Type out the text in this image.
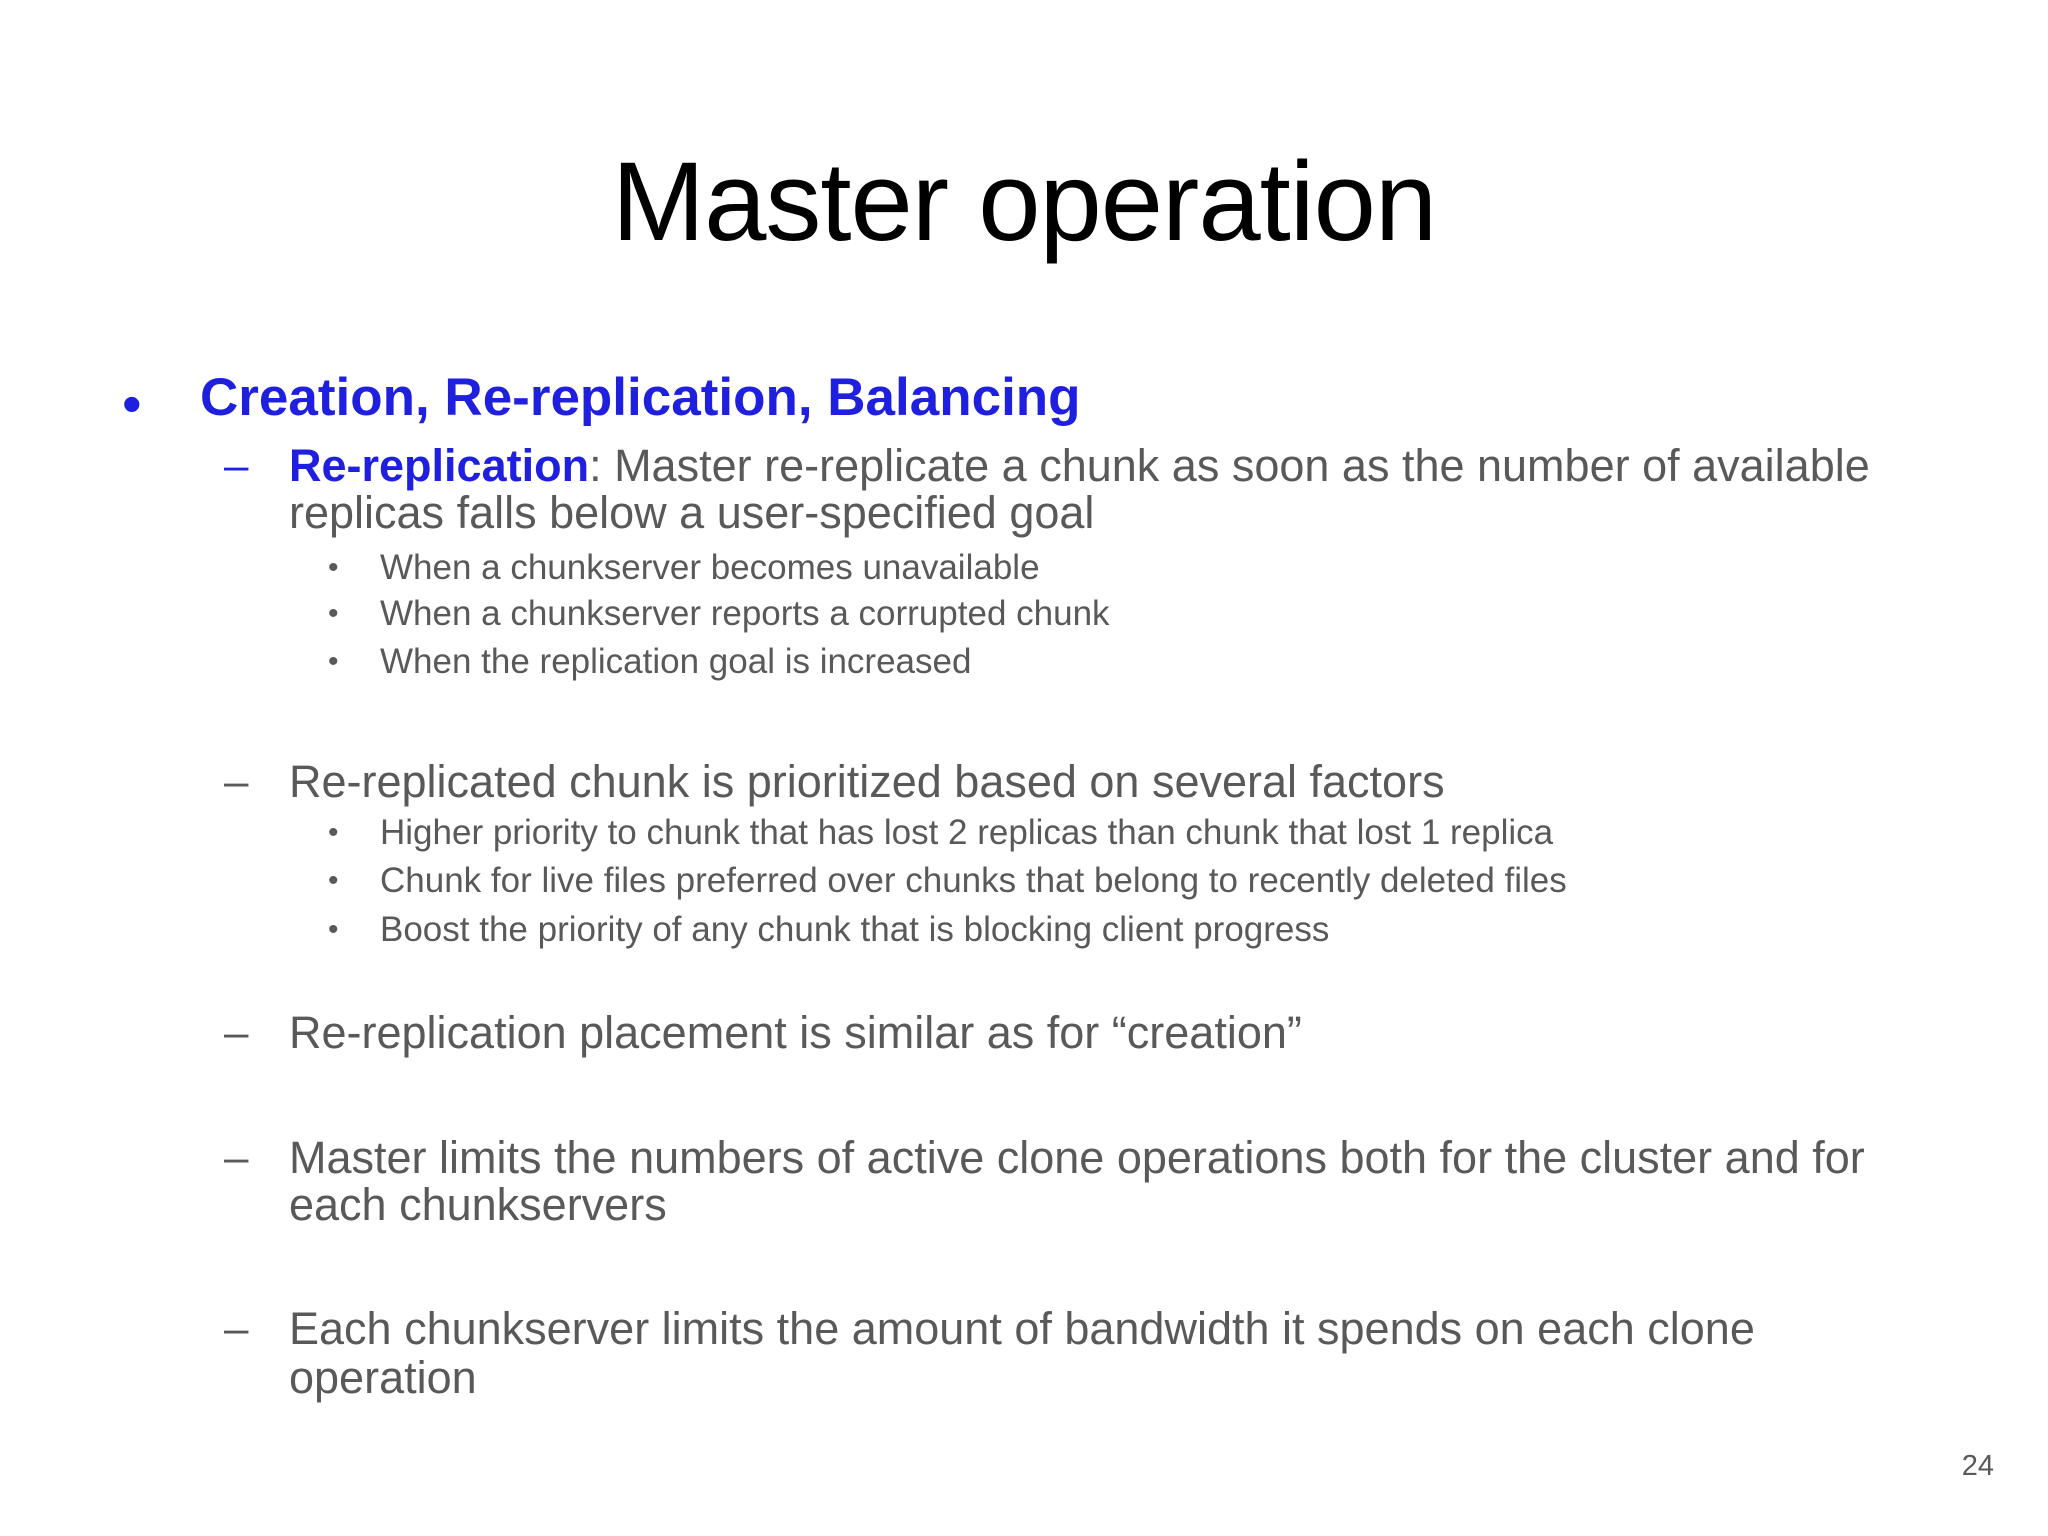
Master operation
• Creation, Re-replication, Balancing
– Re-replication: Master re-replicate a chunk as soon as the number of available
replicas falls below a user-specified goal
• When a chunkserver becomes unavailable
• When a chunkserver reports a corrupted chunk
• When the replication goal is increased
– Re-replicated chunk is prioritized based on several factors
• Higher priority to chunk that has lost 2 replicas than chunk that lost 1 replica
• Chunk for live files preferred over chunks that belong to recently deleted files
• Boost the priority of any chunk that is blocking client progress
– Re-replication placement is similar as for “creation”
– Master limits the numbers of active clone operations both for the cluster and for
each chunkservers
– Each chunkserver limits the amount of bandwidth it spends on each clone
operation
24
